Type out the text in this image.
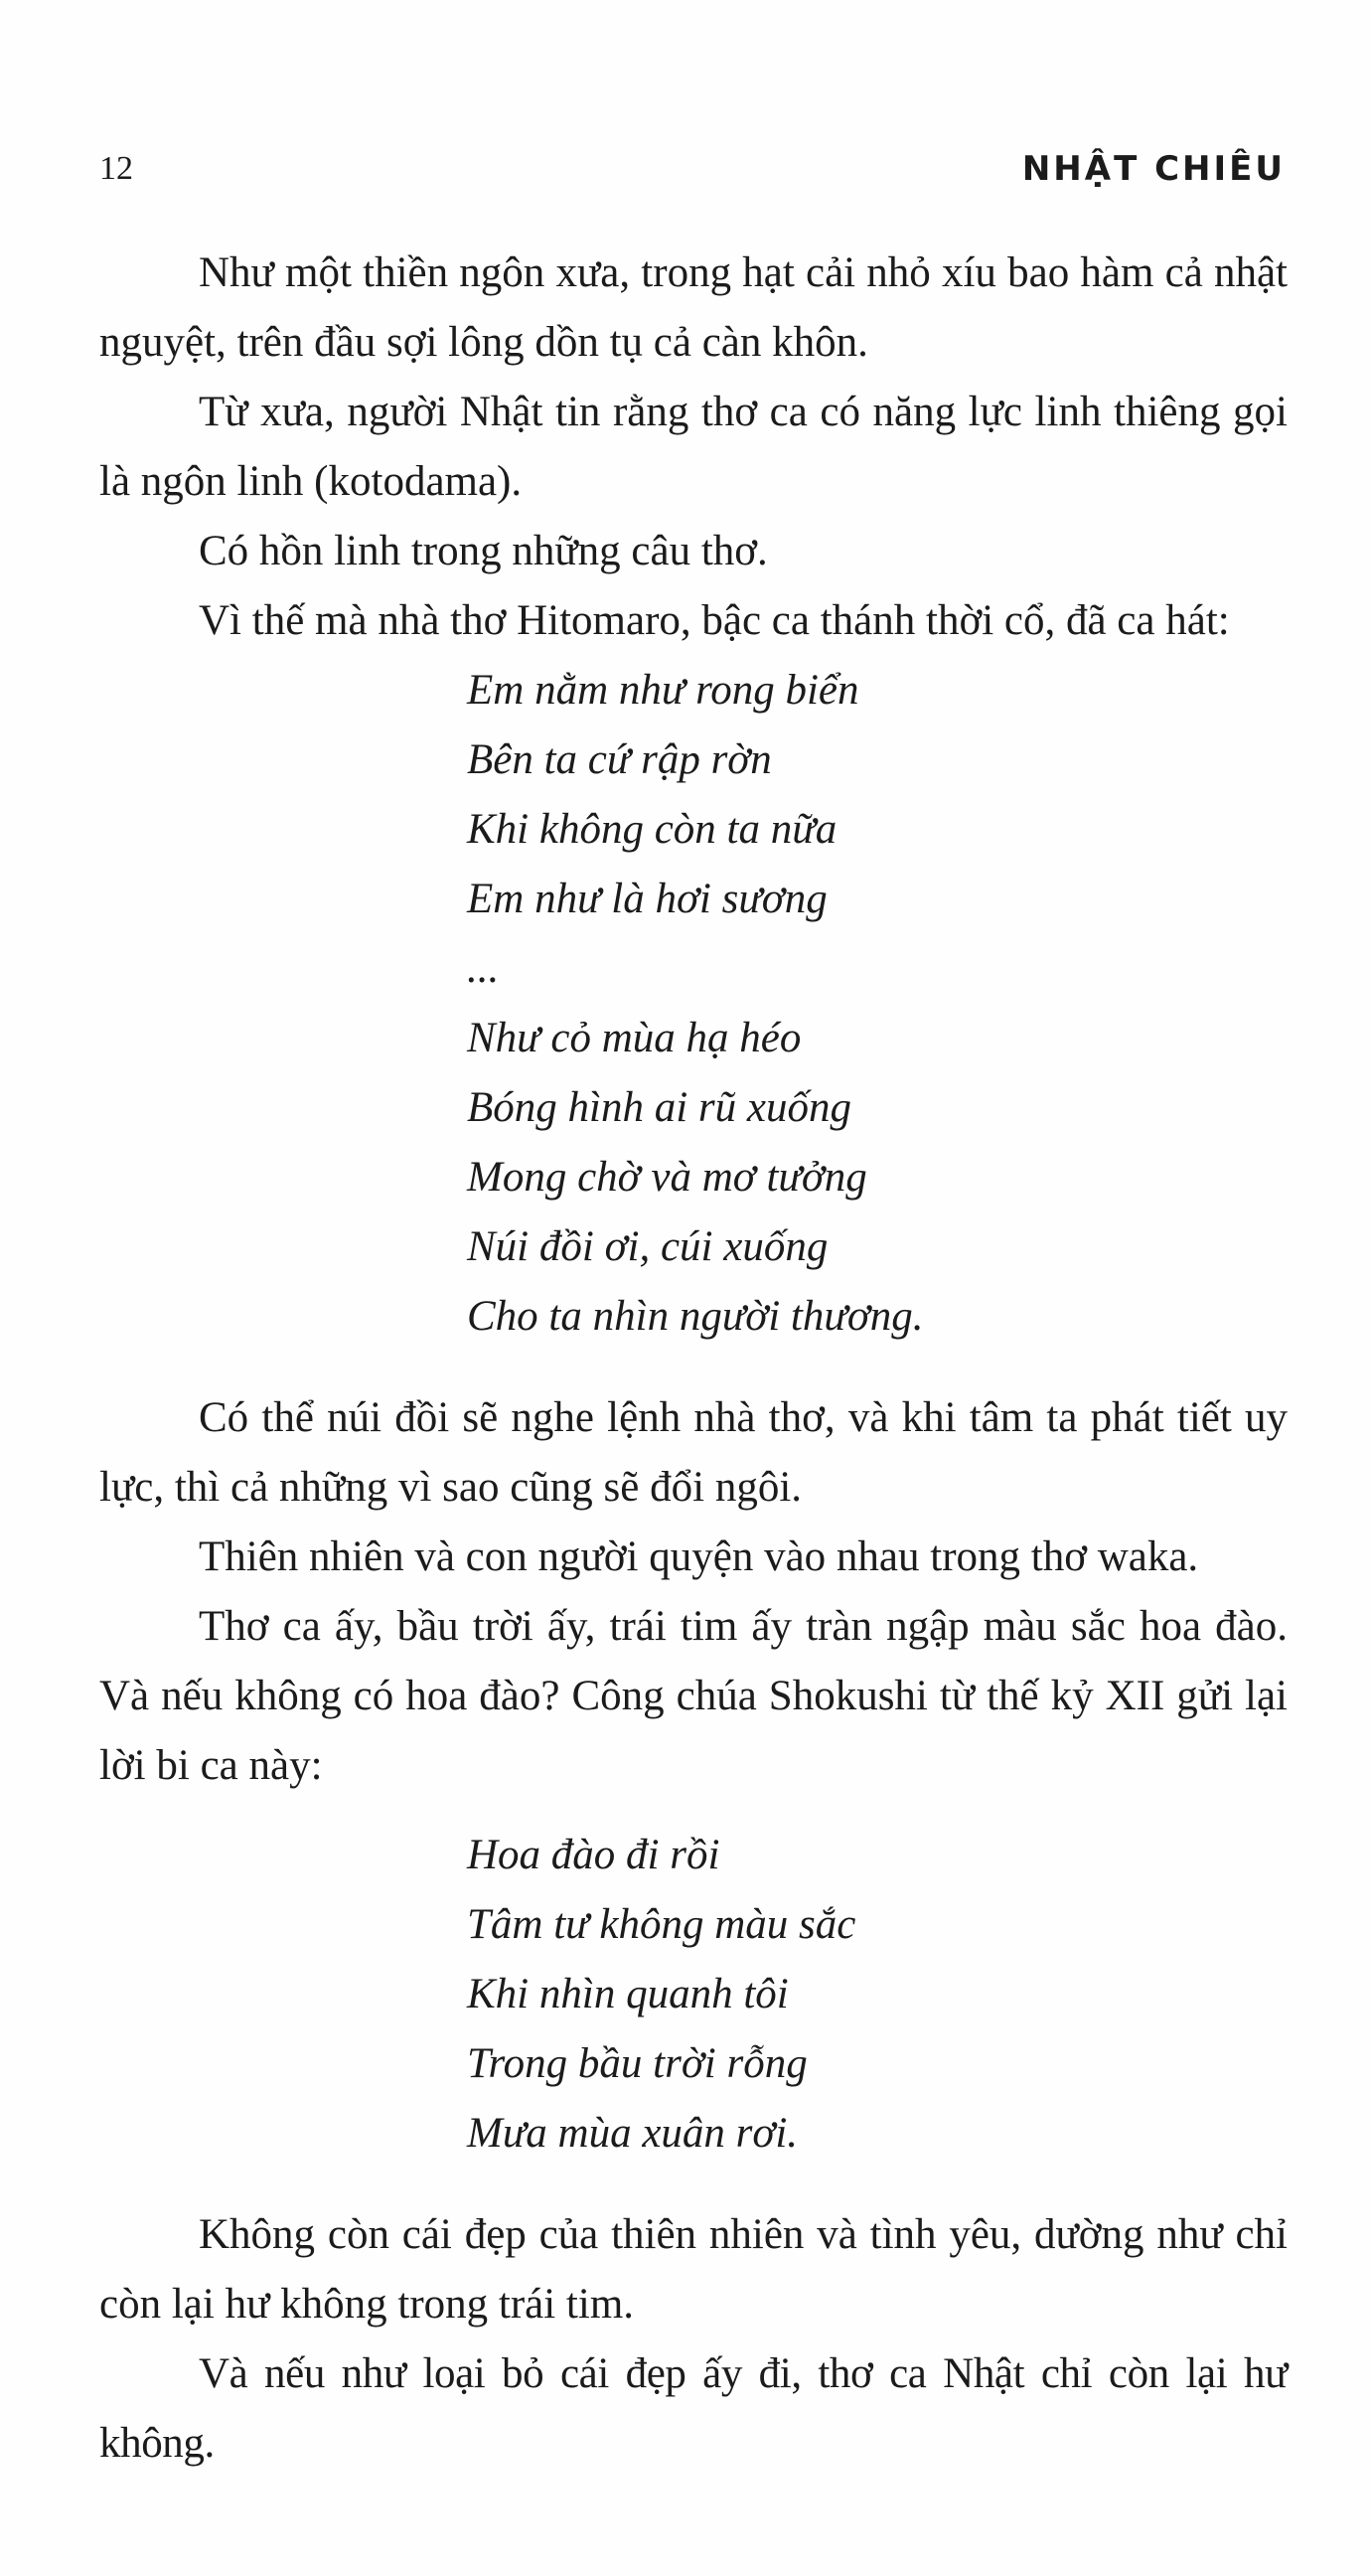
12	NHẬT CHIÊU

Như một thiền ngôn xưa, trong hạt cải nhỏ xíu bao hàm cả nhật nguyệt, trên đầu sợi lông dồn tụ cả càn khôn.

Từ xưa, người Nhật tin rằng thơ ca có năng lực linh thiêng gọi là ngôn linh (kotodama).

Có hồn linh trong những câu thơ.

Vì thế mà nhà thơ Hitomaro, bậc ca thánh thời cổ, đã ca hát:

Em nằm như rong biển
Bên ta cứ rập rờn
Khi không còn ta nữa
Em như là hơi sương
...
Như cỏ mùa hạ héo
Bóng hình ai rũ xuống
Mong chờ và mơ tưởng
Núi đồi ơi, cúi xuống
Cho ta nhìn người thương.

Có thể núi đồi sẽ nghe lệnh nhà thơ, và khi tâm ta phát tiết uy lực, thì cả những vì sao cũng sẽ đổi ngôi.

Thiên nhiên và con người quyện vào nhau trong thơ waka.

Thơ ca ấy, bầu trời ấy, trái tim ấy tràn ngập màu sắc hoa đào. Và nếu không có hoa đào? Công chúa Shokushi từ thế kỷ XII gửi lại lời bi ca này:

Hoa đào đi rồi
Tâm tư không màu sắc
Khi nhìn quanh tôi
Trong bầu trời rỗng
Mưa mùa xuân rơi.

Không còn cái đẹp của thiên nhiên và tình yêu, dường như chỉ còn lại hư không trong trái tim.

Và nếu như loại bỏ cái đẹp ấy đi, thơ ca Nhật chỉ còn lại hư không.
